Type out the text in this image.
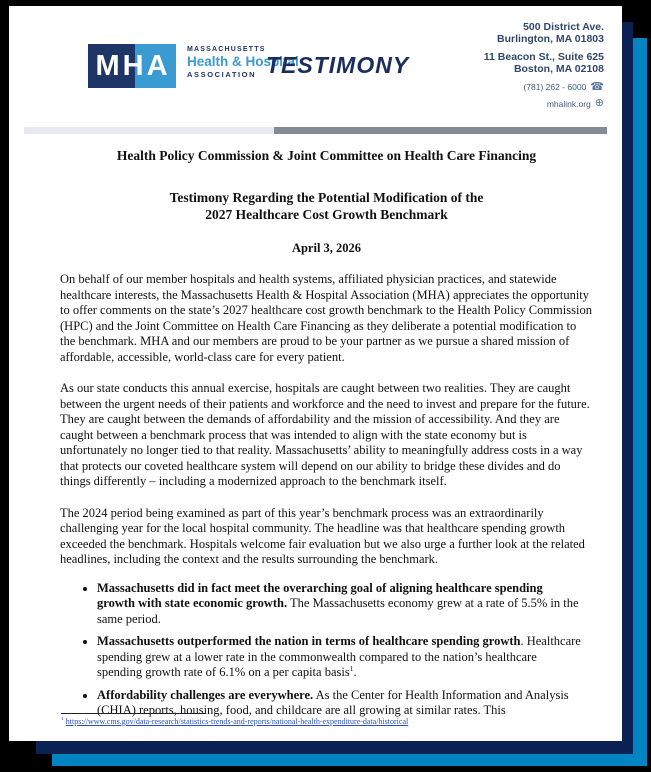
MHA	MASSACHUSETTS
Health & Hospital
ASSOCIATION TESTIMONY
500 District Ave.
Burlington, MA 01803
11 Beacon St., Suite 625
Boston, MA 02108
(781) 262 - 6000 ☎
mhalink.org ⊕
Health Policy Commission & Joint Committee on Health Care Financing
Testimony Regarding the Potential Modification of the
2027 Healthcare Cost Growth Benchmark
April 3, 2026

On behalf of our member hospitals and health systems, affiliated physician practices, and statewide healthcare interests, the Massachusetts Health & Hospital Association (MHA) appreciates the opportunity to offer comments on the state’s 2027 healthcare cost growth benchmark to the Health Policy Commission (HPC) and the Joint Committee on Health Care Financing as they deliberate a potential modification to the benchmark. MHA and our members are proud to be your partner as we pursue a shared mission of affordable, accessible, world-class care for every patient.

As our state conducts this annual exercise, hospitals are caught between two realities. They are caught between the urgent needs of their patients and workforce and the need to invest and prepare for the future. They are caught between the demands of affordability and the mission of accessibility. And they are caught between a benchmark process that was intended to align with the state economy but is unfortunately no longer tied to that reality. Massachusetts’ ability to meaningfully address costs in a way that protects our coveted healthcare system will depend on our ability to bridge these divides and do things differently – including a modernized approach to the benchmark itself.

The 2024 period being examined as part of this year’s benchmark process was an extraordinarily challenging year for the local hospital community. The headline was that healthcare spending growth exceeded the benchmark. Hospitals welcome fair evaluation but we also urge a further look at the related headlines, including the context and the results surrounding the benchmark.

• Massachusetts did in fact meet the overarching goal of aligning healthcare spending growth with state economic growth. The Massachusetts economy grew at a rate of 5.5% in the same period.
• Massachusetts outperformed the nation in terms of healthcare spending growth. Healthcare spending grew at a lower rate in the commonwealth compared to the nation’s healthcare spending growth rate of 6.1% on a per capita basis$^1$.
• Affordability challenges are everywhere. As the Center for Health Information and Analysis (CHIA) reports, housing, food, and childcare are all growing at similar rates. This
$^1$ https://www.cms.gov/data-research/statistics-trends-and-reports/national-health-expenditure-data/historical
